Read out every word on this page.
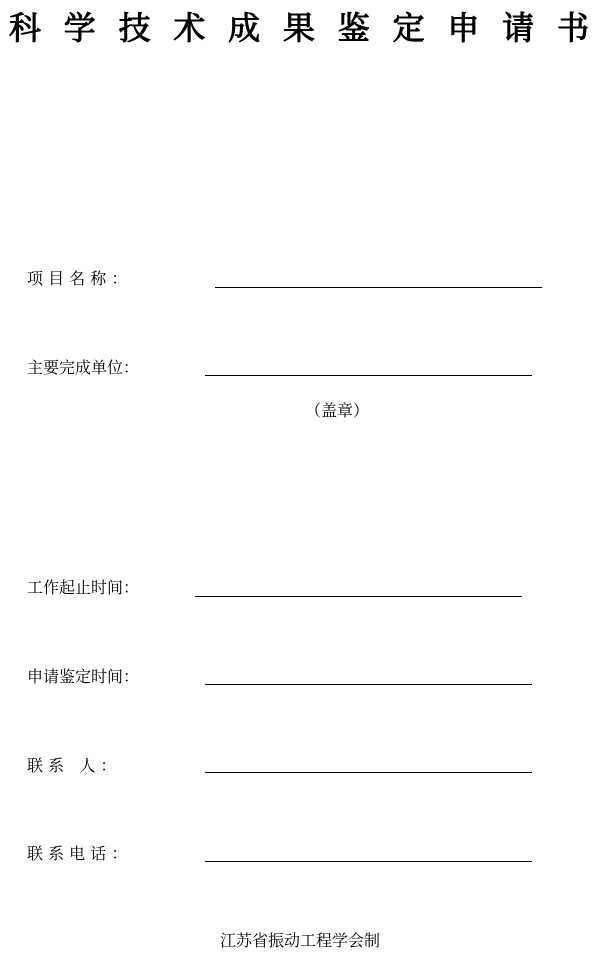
科 学 技 术 成 果 鉴 定 申 请 书
项 目 名 称 ：
主要完成单位：
（盖章）
工作起止时间：
申请鉴定时间：
联 系   人 ：
联 系 电 话 ：
江苏省振动工程学会制
